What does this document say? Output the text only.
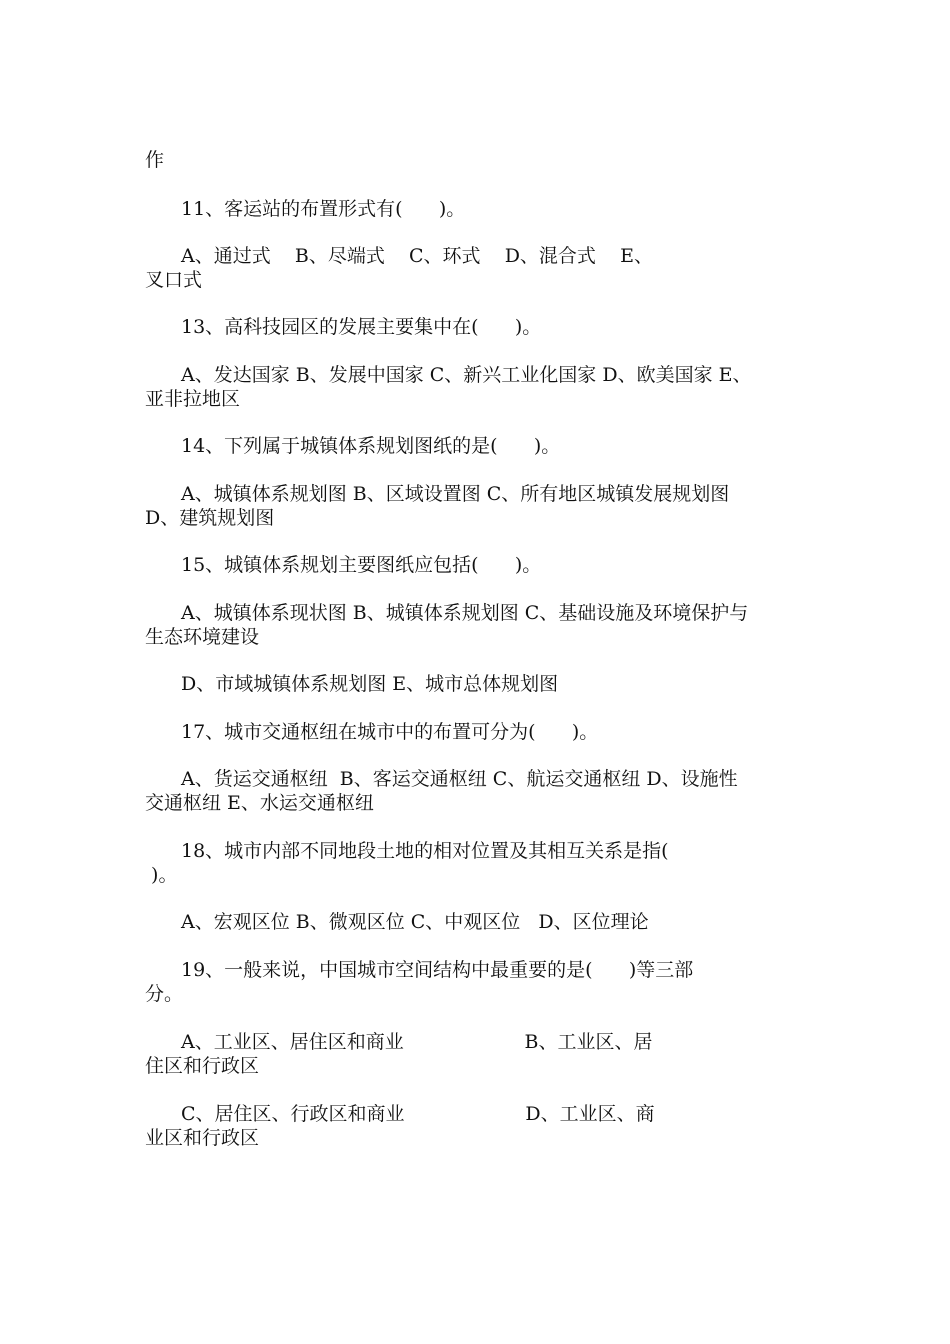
作
11、客运站的布置形式有(      )。
A、通过式    B、尽端式    C、环式    D、混合式    E、
叉口式
13、高科技园区的发展主要集中在(      )。
A、发达国家 B、发展中国家 C、新兴工业化国家 D、欧美国家 E、
亚非拉地区
14、下列属于城镇体系规划图纸的是(      )。
A、城镇体系规划图 B、区域设置图 C、所有地区城镇发展规划图
D、建筑规划图
15、城镇体系规划主要图纸应包括(      )。
A、城镇体系现状图 B、城镇体系规划图 C、基础设施及环境保护与
生态环境建设
D、市域城镇体系规划图 E、城市总体规划图
17、城市交通枢纽在城市中的布置可分为(      )。
A、货运交通枢纽  B、客运交通枢纽 C、航运交通枢纽 D、设施性
交通枢纽 E、水运交通枢纽
18、城市内部不同地段土地的相对位置及其相互关系是指(
)。
A、宏观区位 B、微观区位 C、中观区位   D、区位理论
19、一般来说，中国城市空间结构中最重要的是(      )等三部
分。
A、工业区、居住区和商业                    B、工业区、居
住区和行政区
C、居住区、行政区和商业                    D、工业区、商
业区和行政区
